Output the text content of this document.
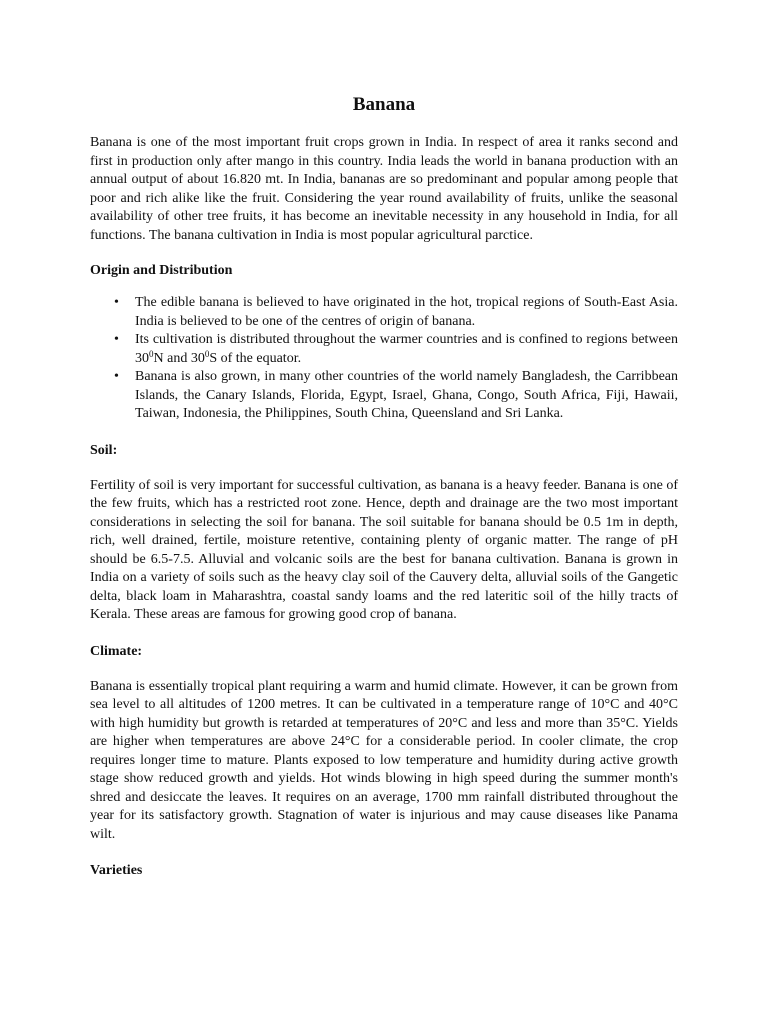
Banana

Banana is one of the most important fruit crops grown in India. In respect of area it ranks second and first in production only after mango in this country. India leads the world in banana production with an annual output of about 16.820 mt. In India, bananas are so predominant and popular among people that poor and rich alike like the fruit. Considering the year round availability of fruits, unlike the seasonal availability of other tree fruits, it has become an inevitable necessity in any household in India, for all functions. The banana cultivation in India is most popular agricultural parctice.

Origin and Distribution
• The edible banana is believed to have originated in the hot, tropical regions of South-East Asia. India is believed to be one of the centres of origin of banana.
• Its cultivation is distributed throughout the warmer countries and is confined to regions between $30^0N$ and $30^0S$ of the equator.
• Banana is also grown, in many other countries of the world namely Bangladesh, the Carribbean Islands, the Canary Islands, Florida, Egypt, Israel, Ghana, Congo, South Africa, Fiji, Hawaii, Taiwan, Indonesia, the Philippines, South China, Queensland and Sri Lanka.
Soil:

Fertility of soil is very important for successful cultivation, as banana is a heavy feeder. Banana is one of the few fruits, which has a restricted root zone. Hence, depth and drainage are the two most important considerations in selecting the soil for banana. The soil suitable for banana should be 0.5 1m in depth, rich, well drained, fertile, moisture retentive, containing plenty of organic matter. The range of pH should be 6.5-7.5. Alluvial and volcanic soils are the best for banana cultivation. Banana is grown in India on a variety of soils such as the heavy clay soil of the Cauvery delta, alluvial soils of the Gangetic delta, black loam in Maharashtra, coastal sandy loams and the red lateritic soil of the hilly tracts of Kerala. These areas are famous for growing good crop of banana.

Climate:

Banana is essentially tropical plant requiring a warm and humid climate. However, it can be grown from sea level to all altitudes of 1200 metres. It can be cultivated in a temperature range of 10°C and 40°C with high humidity but growth is retarded at temperatures of 20°C and less and more than 35°C. Yields are higher when temperatures are above 24°C for a considerable period. In cooler climate, the crop requires longer time to mature. Plants exposed to low temperature and humidity during active growth stage show reduced growth and yields. Hot winds blowing in high speed during the summer month's shred and desiccate the leaves. It requires on an average, 1700 mm rainfall distributed throughout the year for its satisfactory growth. Stagnation of water is injurious and may cause diseases like Panama wilt.

Varieties
